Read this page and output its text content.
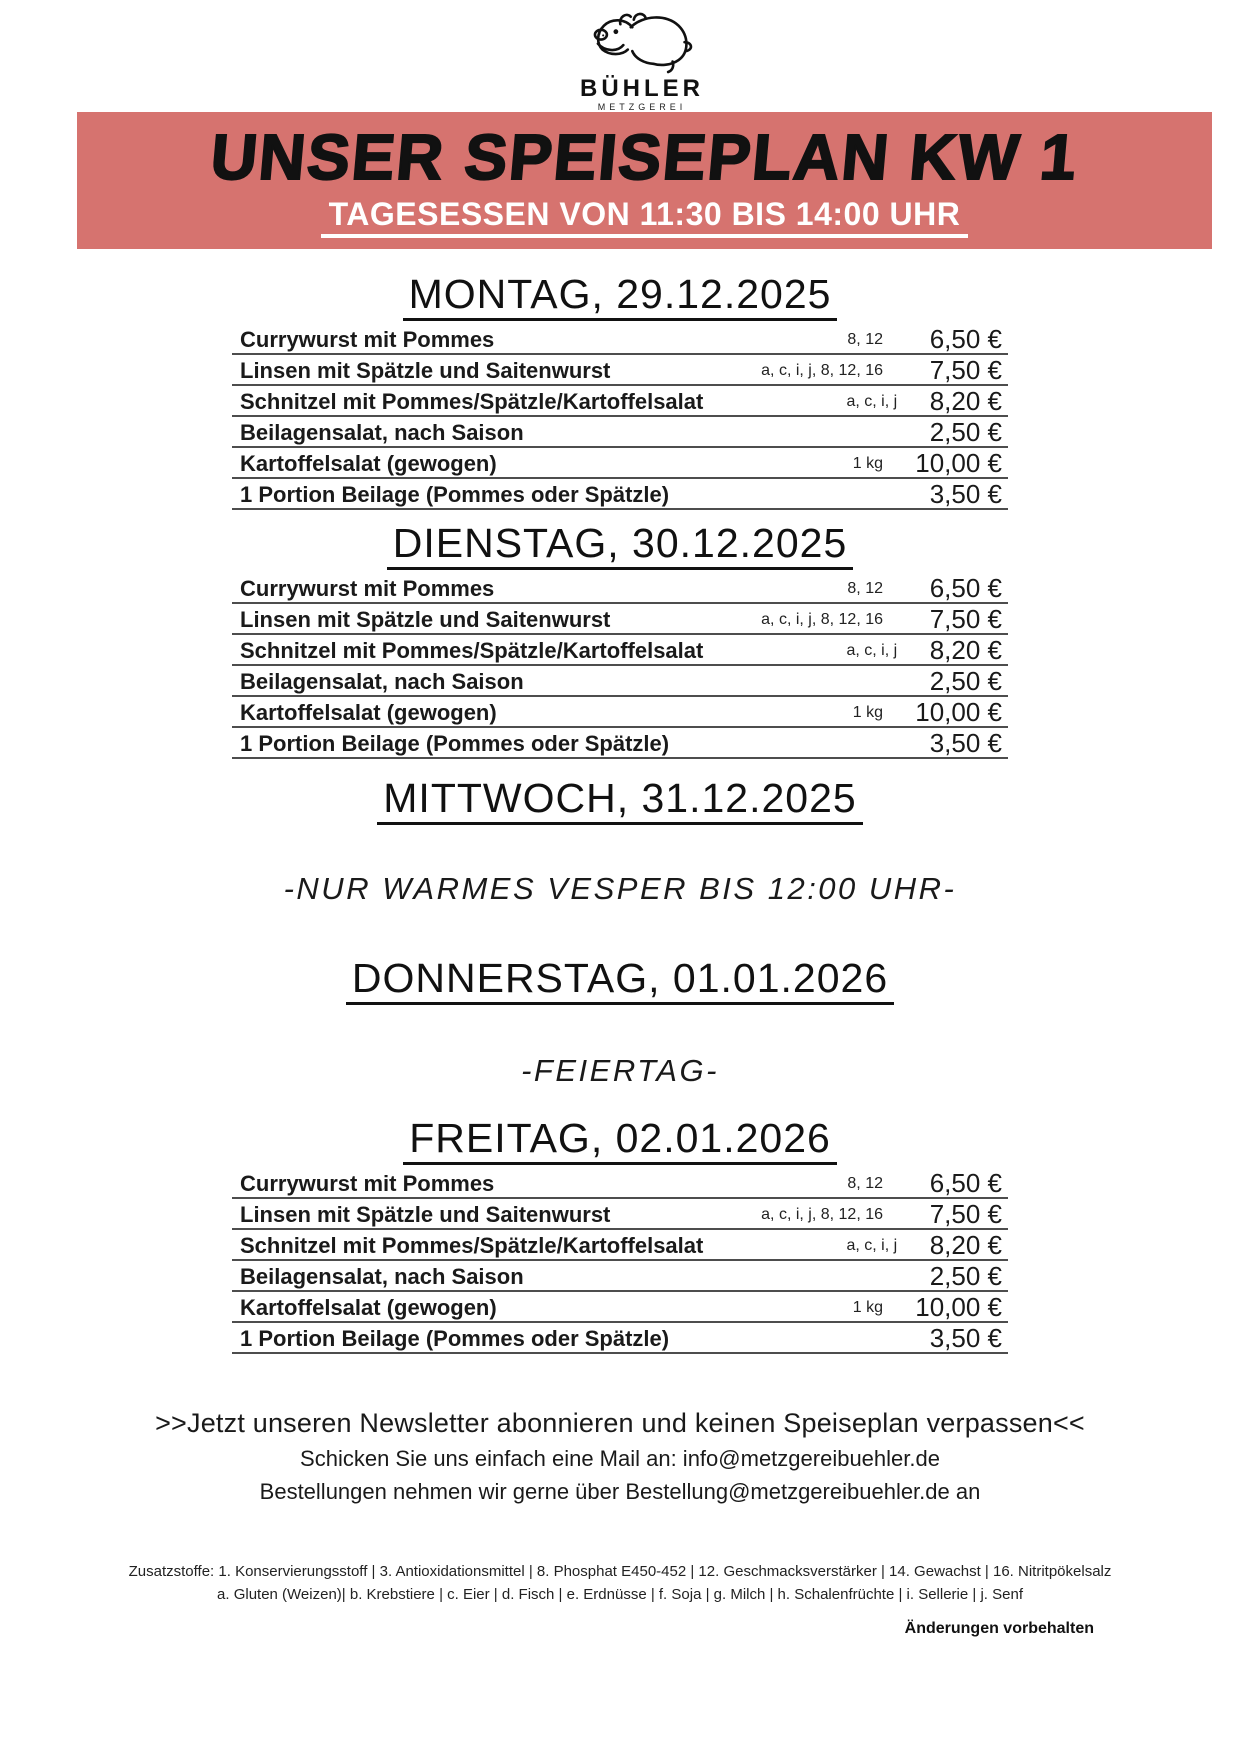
BÜHLER
METZGEREI
UNSER SPEISEPLAN KW 1
TAGESESSEN VON 11:30 BIS 14:00 UHR
MONTAG, 29.12.2025
Currywurst mit Pommes	8, 12	6,50 €
Linsen mit Spätzle und Saitenwurst	a, c, i, j, 8, 12, 16	7,50 €
Schnitzel mit Pommes/Spätzle/Kartoffelsalat	a, c, i, j	8,20 €
Beilagensalat, nach Saison	2,50 €
Kartoffelsalat (gewogen)	1 kg	10,00 €
1 Portion Beilage (Pommes oder Spätzle)	3,50 €
DIENSTAG, 30.12.2025
Currywurst mit Pommes	8, 12	6,50 €
Linsen mit Spätzle und Saitenwurst	a, c, i, j, 8, 12, 16	7,50 €
Schnitzel mit Pommes/Spätzle/Kartoffelsalat	a, c, i, j	8,20 €
Beilagensalat, nach Saison	2,50 €
Kartoffelsalat (gewogen)	1 kg	10,00 €
1 Portion Beilage (Pommes oder Spätzle)	3,50 €
MITTWOCH, 31.12.2025
-NUR WARMES VESPER BIS 12:00 UHR-
DONNERSTAG, 01.01.2026
-FEIERTAG-
FREITAG, 02.01.2026
Currywurst mit Pommes	8, 12	6,50 €
Linsen mit Spätzle und Saitenwurst	a, c, i, j, 8, 12, 16	7,50 €
Schnitzel mit Pommes/Spätzle/Kartoffelsalat	a, c, i, j	8,20 €
Beilagensalat, nach Saison	2,50 €
Kartoffelsalat (gewogen)	1 kg	10,00 €
1 Portion Beilage (Pommes oder Spätzle)	3,50 €
>>Jetzt unseren Newsletter abonnieren und keinen Speiseplan verpassen<<
Schicken Sie uns einfach eine Mail an: info@metzgereibuehler.de
Bestellungen nehmen wir gerne über Bestellung@metzgereibuehler.de an
Zusatzstoffe: 1. Konservierungsstoff | 3. Antioxidationsmittel | 8. Phosphat E450-452 | 12. Geschmacksverstärker | 14. Gewachst | 16. Nitritpökelsalz
a. Gluten (Weizen)| b. Krebstiere | c. Eier | d. Fisch | e. Erdnüsse | f. Soja | g. Milch | h. Schalenfrüchte | i. Sellerie | j. Senf
Änderungen vorbehalten
